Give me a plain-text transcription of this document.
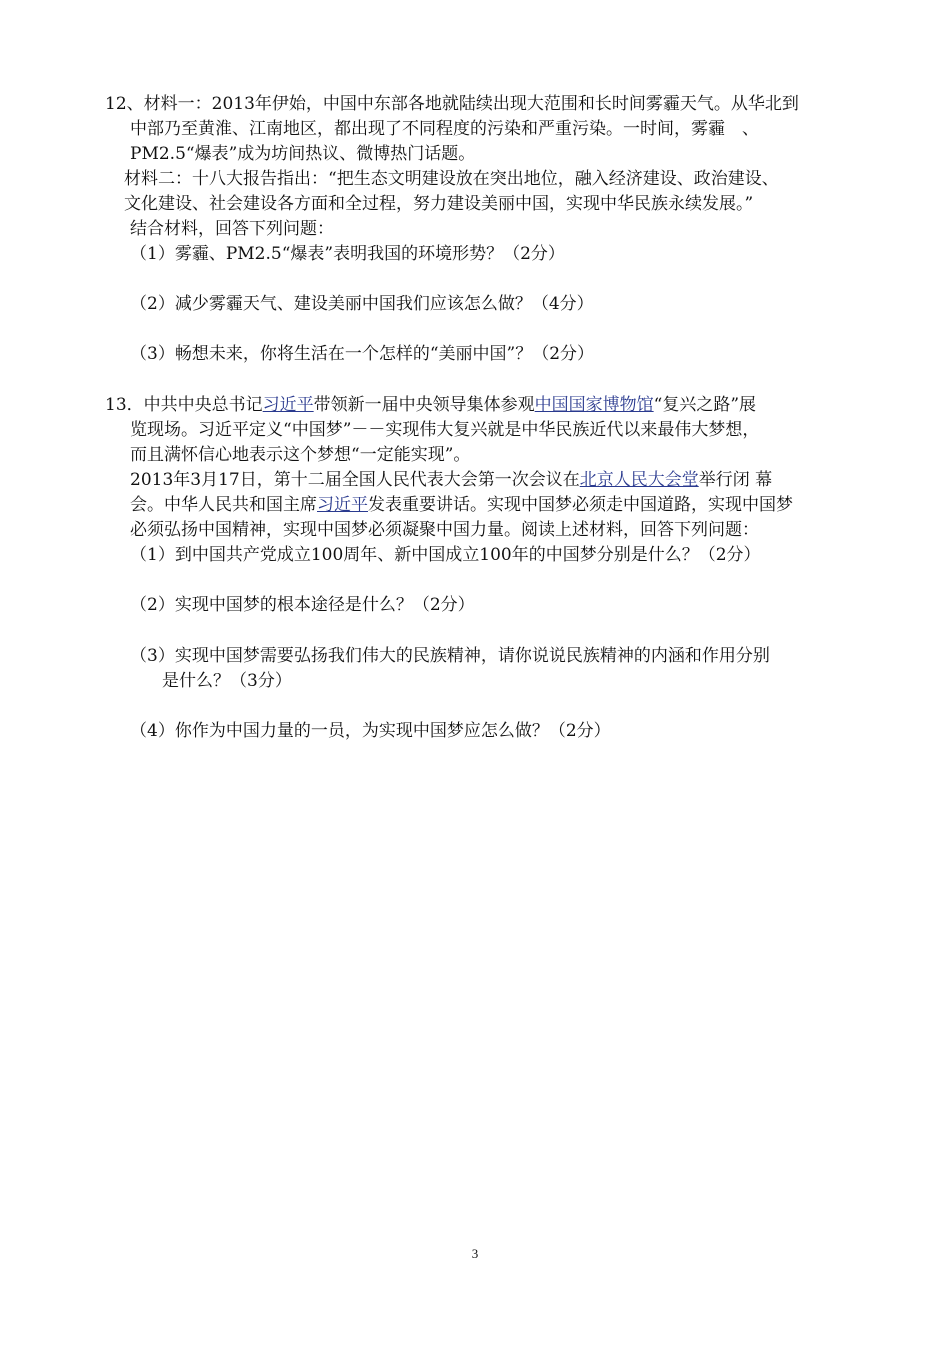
12、材料一：2013年伊始，中国中东部各地就陆续出现大范围和长时间雾霾天气。从华北到
中部乃至黄淮、江南地区，都出现了不同程度的污染和严重污染。一时间，雾霾　、
PM2.5“爆表”成为坊间热议、微博热门话题。
材料二：十八大报告指出：“把生态文明建设放在突出地位，融入经济建设、政治建设、
文化建设、社会建设各方面和全过程，努力建设美丽中国，实现中华民族永续发展。”
结合材料，回答下列问题：
（1）雾霾、PM2.5“爆表”表明我国的环境形势？（2分）
（2）减少雾霾天气、建设美丽中国我们应该怎么做？（4分）
（3）畅想未来，你将生活在一个怎样的“美丽中国”？（2分）
13．中共中央总书记习近平带领新一届中央领导集体参观中国国家博物馆“复兴之路”展
览现场。习近平定义“中国梦”－－实现伟大复兴就是中华民族近代以来最伟大梦想，
而且满怀信心地表示这个梦想“一定能实现”。
2013年3月17日，第十二届全国人民代表大会第一次会议在北京人民大会堂举行闭 幕
会。中华人民共和国主席习近平发表重要讲话。实现中国梦必须走中国道路，实现中国梦
必须弘扬中国精神，实现中国梦必须凝聚中国力量。阅读上述材料，回答下列问题：
（1）到中国共产党成立100周年、新中国成立100年的中国梦分别是什么？（2分）
（2）实现中国梦的根本途径是什么？（2分）
（3）实现中国梦需要弘扬我们伟大的民族精神，请你说说民族精神的内涵和作用分别
是什么？（3分）
（4）你作为中国力量的一员，为实现中国梦应怎么做？（2分）
3
